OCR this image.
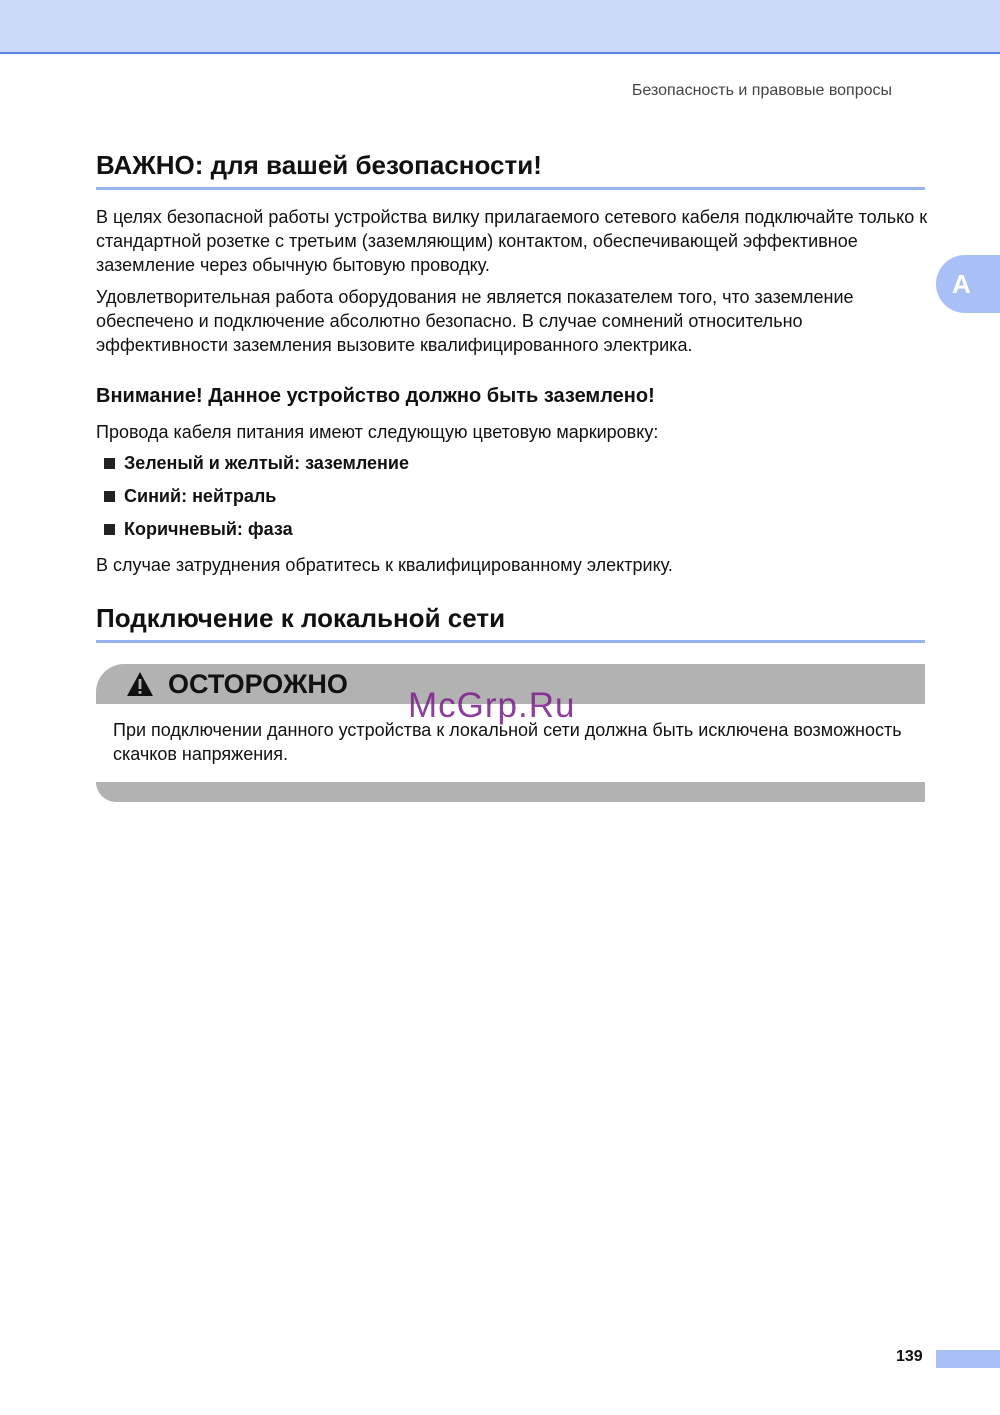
Безопасность и правовые вопросы
A
ВАЖНО: для вашей безопасности!
В целях безопасной работы устройства вилку прилагаемого сетевого кабеля подключайте только к стандартной розетке с третьим (заземляющим) контактом, обеспечивающей эффективное заземление через обычную бытовую проводку.
Удовлетворительная работа оборудования не является показателем того, что заземление обеспечено и подключение абсолютно безопасно. В случае сомнений относительно эффективности заземления вызовите квалифицированного электрика.
Внимание! Данное устройство должно быть заземлено!
Провода кабеля питания имеют следующую цветовую маркировку:
Зеленый и желтый: заземление
Синий: нейтраль
Коричневый: фаза
В случае затруднения обратитесь к квалифицированному электрику.
Подключение к локальной сети
ОСТОРОЖНО
При подключении данного устройства к локальной сети должна быть исключена возможность скачков напряжения.
McGrp.Ru
139
